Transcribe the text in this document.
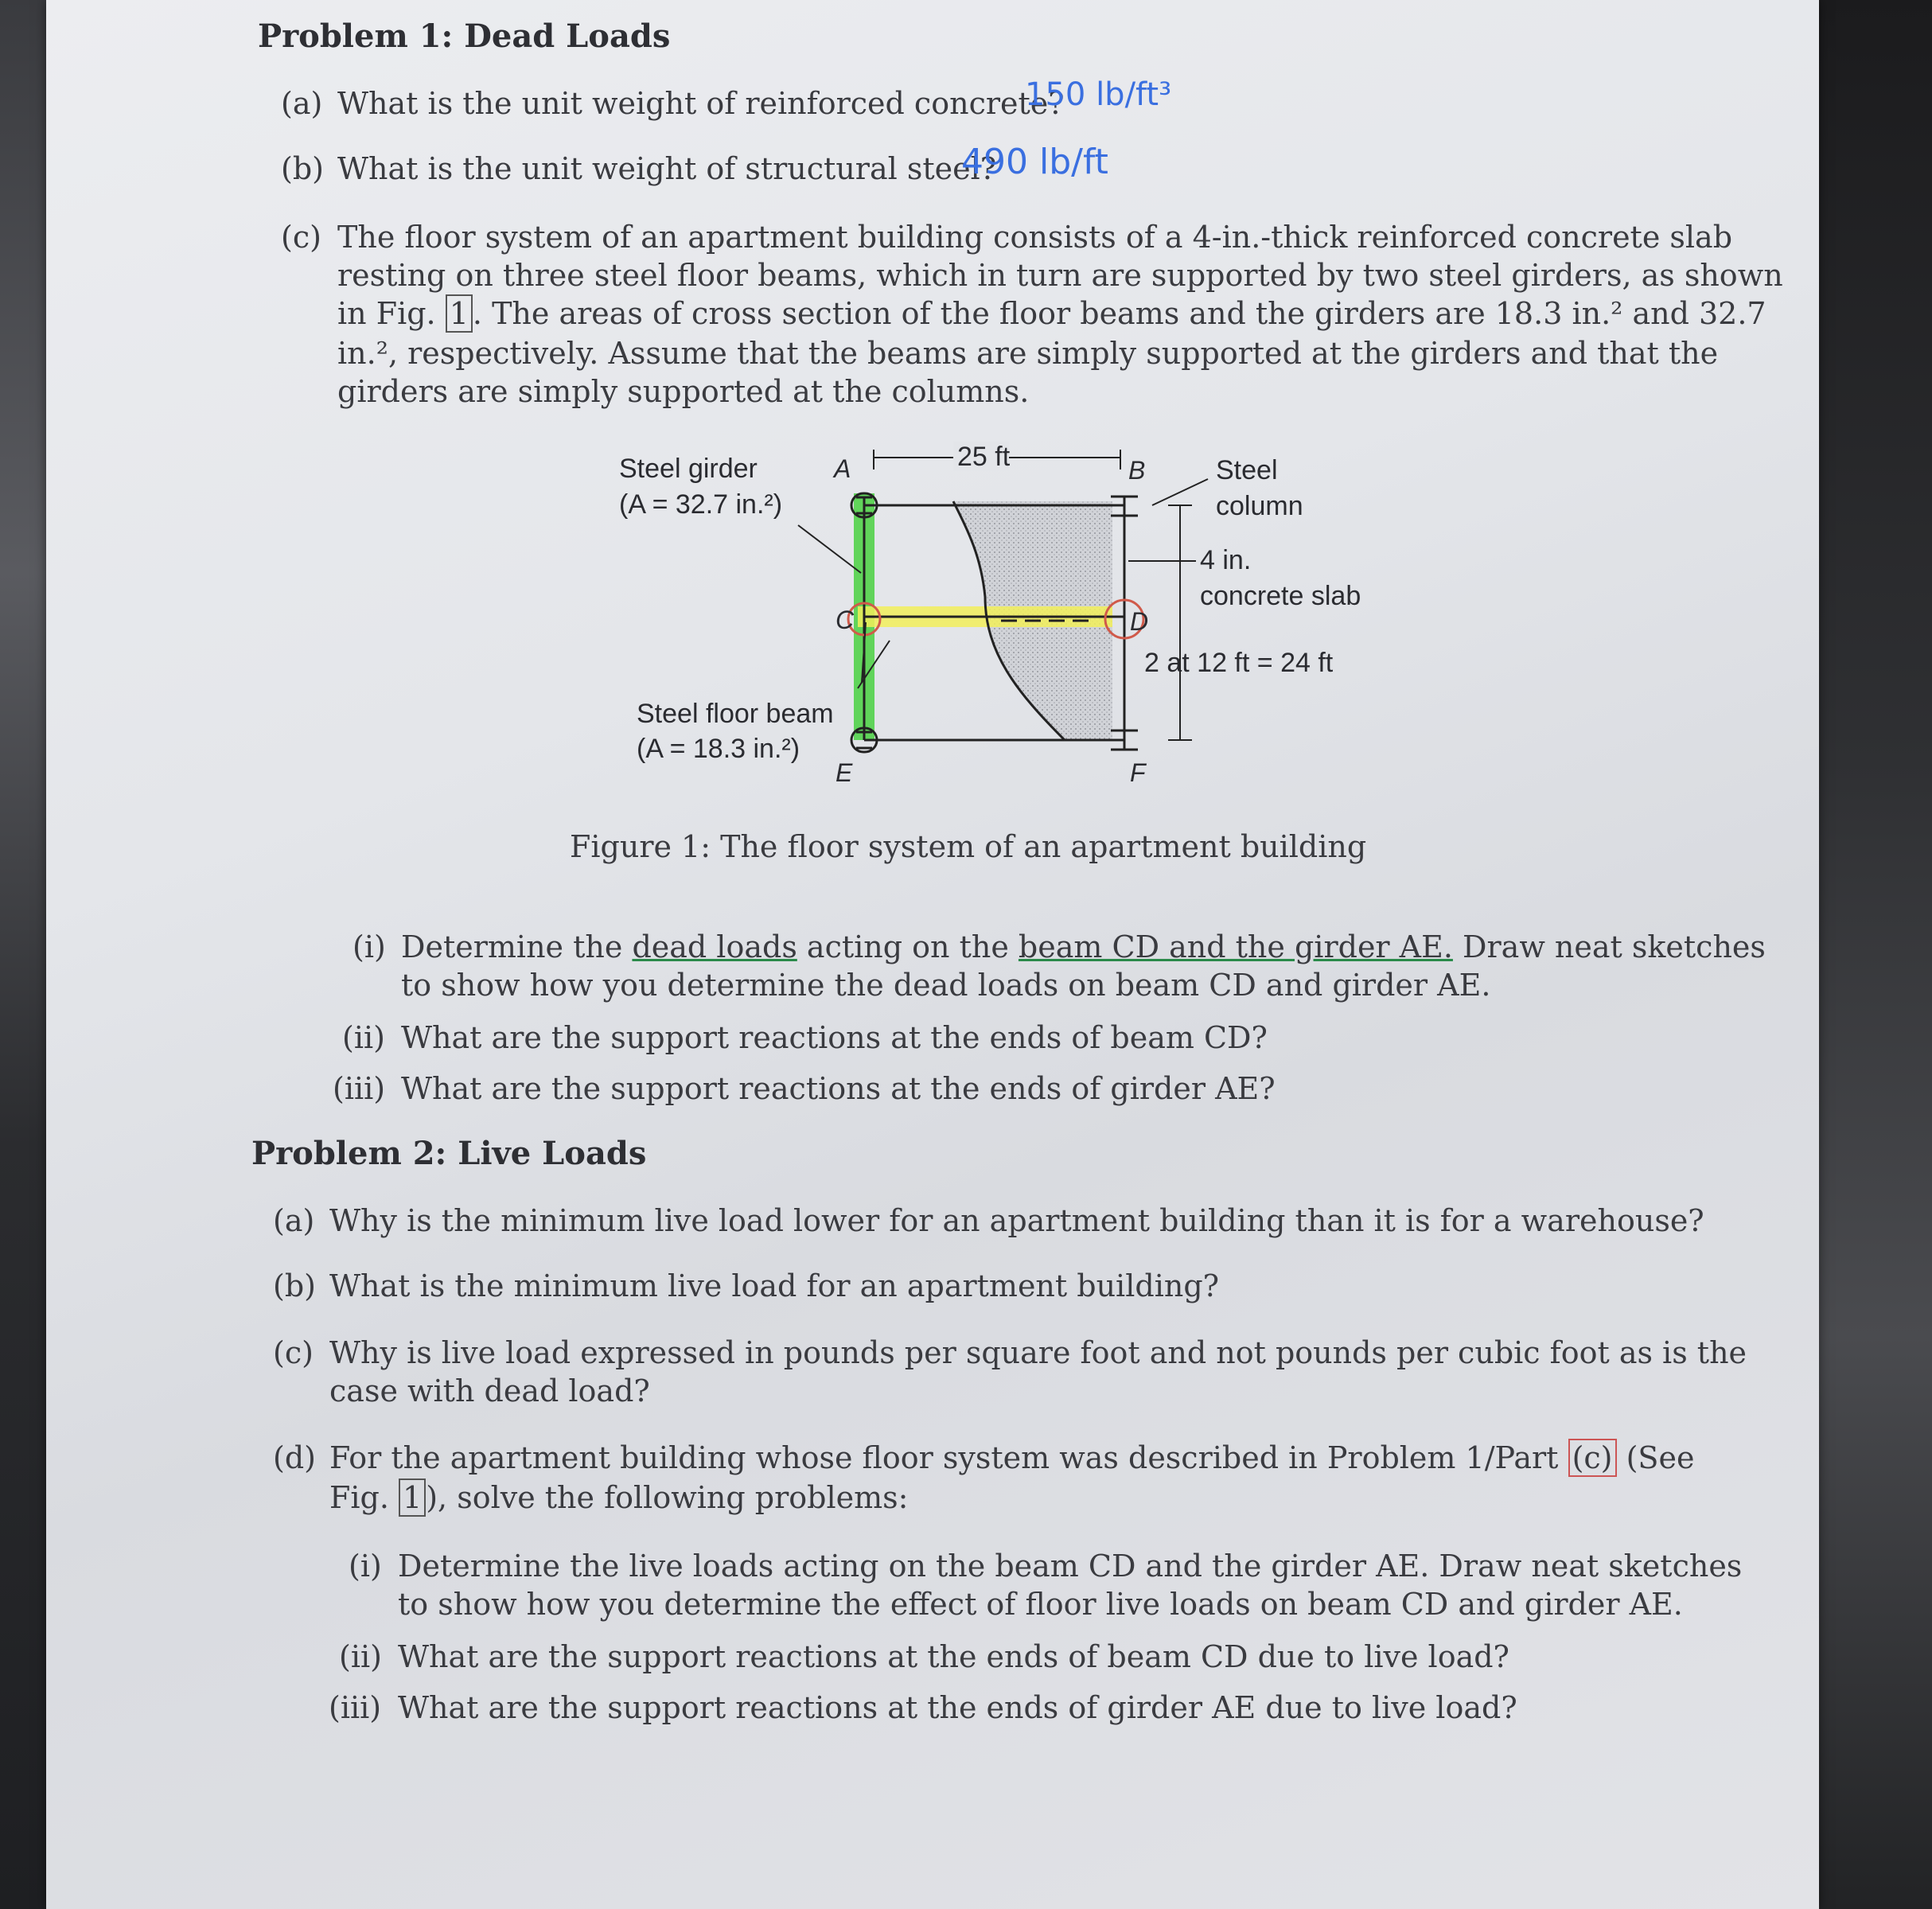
Problem 1: Dead Loads
(a) What is the unit weight of reinforced concrete?
150 lb/ft³
(b) What is the unit weight of structural steel?
490 lb/ft
(c) The floor system of an apartment building consists of a 4-in.-thick reinforced concrete slab
resting on three steel floor beams, which in turn are supported by two steel girders, as shown
in Fig. 1 . The areas of cross section of the floor beams and the girders are 18.3 in.² and 32.7
in.², respectively. Assume that the beams are simply supported at the girders and that the
girders are simply supported at the columns.
25 ft
Steel girder
(A = 32.7 in.²)
A	B	Steel
column
4 in.
concrete slab
C	D
2 at 12 ft = 24 ft
Steel floor beam
(A = 18.3 in.²)
E	F
Figure 1: The floor system of an apartment building
(i) Determine the dead loads acting on the beam CD and the girder AE. Draw neat sketches
to show how you determine the dead loads on beam CD and girder AE.
(ii) What are the support reactions at the ends of beam CD?
(iii) What are the support reactions at the ends of girder AE?
Problem 2: Live Loads
(a) Why is the minimum live load lower for an apartment building than it is for a warehouse?
(b) What is the minimum live load for an apartment building?
(c) Why is live load expressed in pounds per square foot and not pounds per cubic foot as is the
case with dead load?
(d) For the apartment building whose floor system was described in Problem 1/Part (c) (See
Fig. 1 ), solve the following problems:
(i) Determine the live loads acting on the beam CD and the girder AE. Draw neat sketches
to show how you determine the effect of floor live loads on beam CD and girder AE.
(ii) What are the support reactions at the ends of beam CD due to live load?
(iii) What are the support reactions at the ends of girder AE due to live load?
